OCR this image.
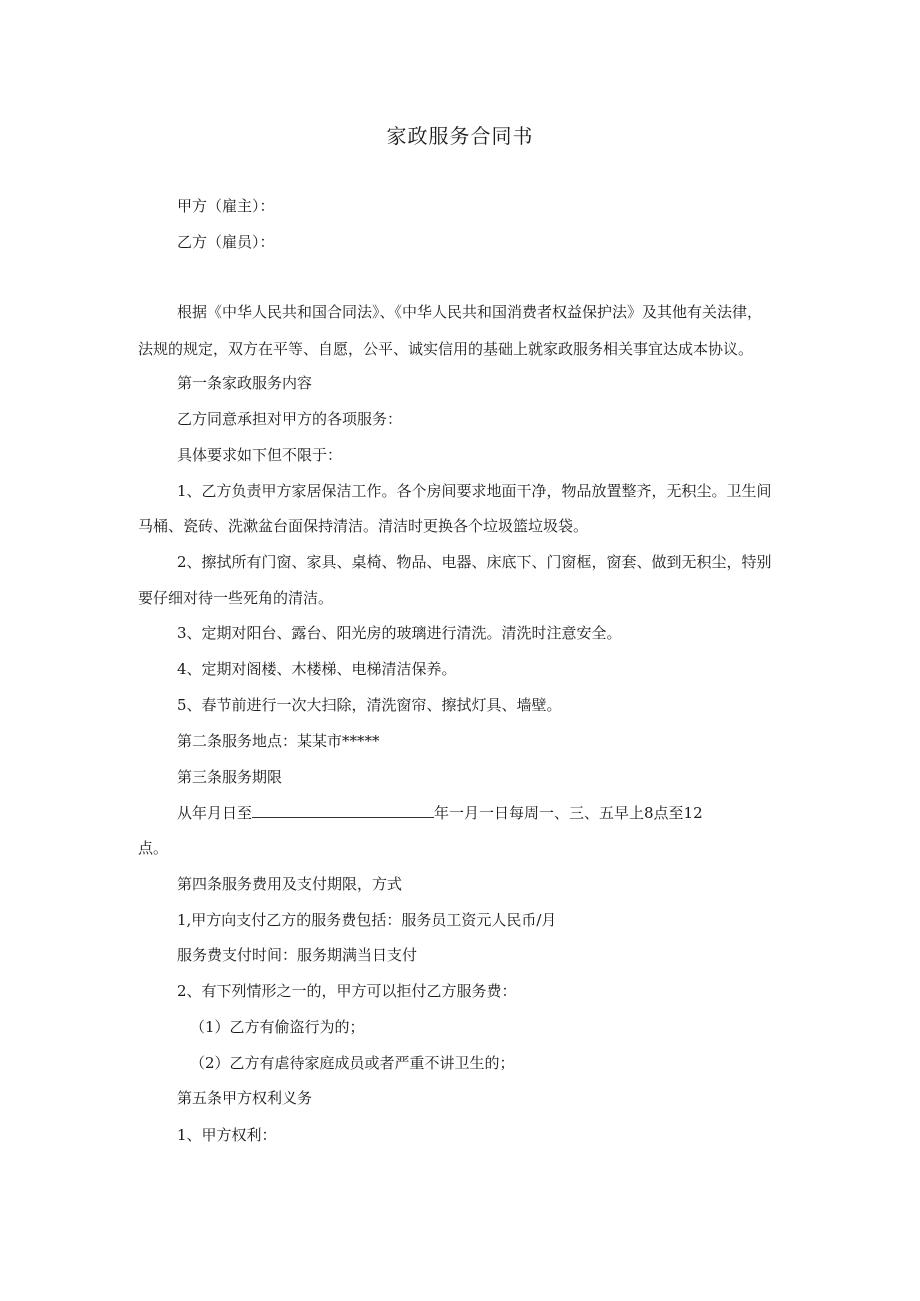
家政服务合同书
甲方（雇主）：
乙方（雇员）：
根据《中华人民共和国合同法》、《中华人民共和国消费者权益保护法》及其他有关法律，
法规的规定，双方在平等、自愿，公平、诚实信用的基础上就家政服务相关事宜达成本协议。
第一条家政服务内容
乙方同意承担对甲方的各项服务：
具体要求如下但不限于：
1、乙方负责甲方家居保洁工作。各个房间要求地面干净，物品放置整齐，无积尘。卫生间
马桶、瓷砖、洗漱盆台面保持清洁。清洁时更换各个垃圾篮垃圾袋。
2、擦拭所有门窗、家具、桌椅、物品、电器、床底下、门窗框，窗套、做到无积尘，特别
要仔细对待一些死角的清洁。
3、定期对阳台、露台、阳光房的玻璃进行清洗。清洗时注意安全。
4、定期对阁楼、木楼梯、电梯清洁保养。
5、春节前进行一次大扫除，清洗窗帘、擦拭灯具、墙壁。
第二条服务地点：某某市*****
第三条服务期限
从年月日至	年一月一日每周一、三、五早上8点至12
点。
第四条服务费用及支付期限，方式
1,甲方向支付乙方的服务费包括：服务员工资元人民币/月
服务费支付时间：服务期满当日支付
2、有下列情形之一的，甲方可以拒付乙方服务费：
（1）乙方有偷盗行为的；
（2）乙方有虐待家庭成员或者严重不讲卫生的；
第五条甲方权利义务
1、甲方权利：
